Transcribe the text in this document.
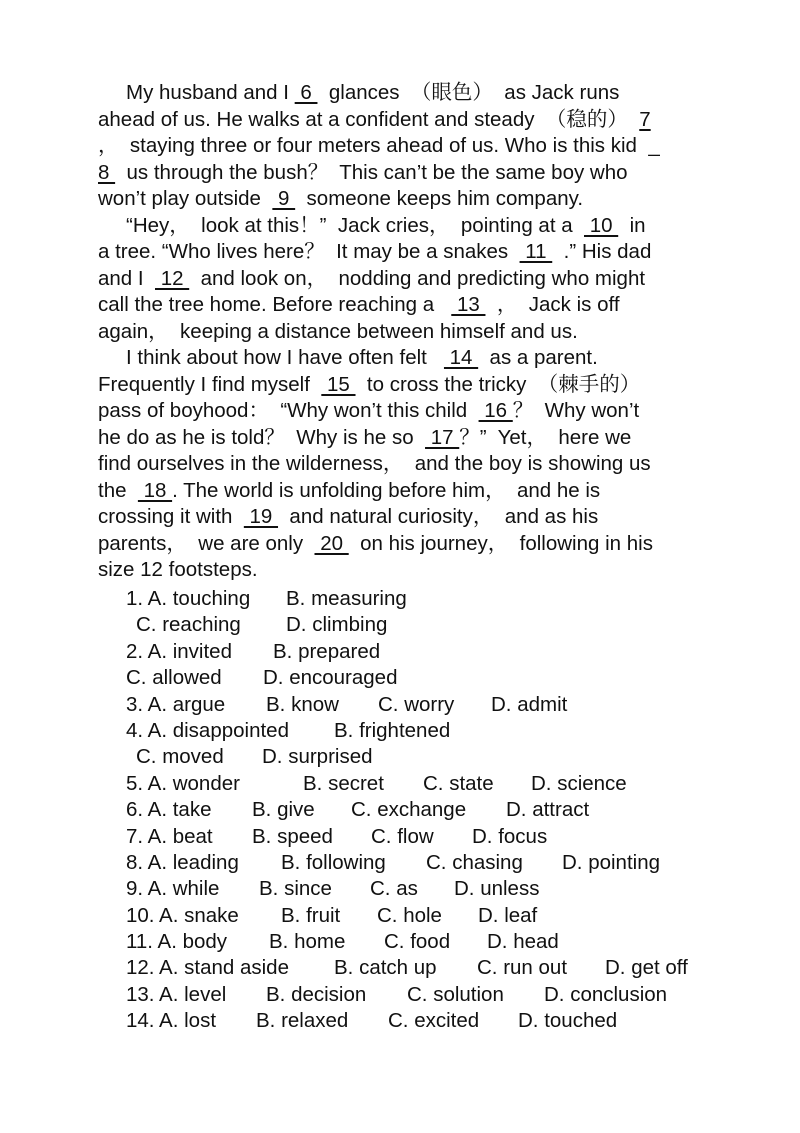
My husband and I  6   glances  （眼色）  as Jack runs
ahead of us. He walks at a confident and steady  （稳的）  7
，  staying three or four meters ahead of us. Who is this kid  _
8   us through the bush？  This can’t be the same boy who
won’t play outside   9   someone keeps him company.
“Hey，  look at this！”  Jack cries，  pointing at a   10   in
a tree. “Who lives here？  It may be a snakes   11   .” His dad
and I   12   and look on，  nodding and predicting who might
call the tree home. Before reaching a    13   ，  Jack is off
again，  keeping a distance between himself and us.
I think about how I have often felt    14   as a parent.
Frequently I find myself   15   to cross the tricky  （棘手的）
pass of boyhood：  “Why won’t this child   16 ？  Why won’t
he do as he is told？  Why is he so   17 ？”  Yet，  here we
find ourselves in the wilderness，  and the boy is showing us
the   18 . The world is unfolding before him，  and he is
crossing it with   19   and natural curiosity，  and as his
parents，  we are only   20   on his journey，  following in his
size 12 footsteps.
1. A. touching B. measuring
C. reaching D. climbing
2. A. invited B. prepared
C. allowed D. encouraged
3. A. argue B. know C. worry D. admit
4. A. disappointed B. frightened
C. moved D. surprised
5. A. wonder	B. secret C. state D. science
6. A. take B. give C. exchange D. attract
7. A. beat B. speed C. flow D. focus
8. A. leading B. following C. chasing D. pointing
9. A. while B. since C. as D. unless
10. A. snake B. fruit C. hole D. leaf
11. A. body B. home C. food D. head
12. A. stand aside B. catch up C. run out D. get off
13. A. level B. decision C. solution D. conclusion
14. A. lost B. relaxed C. excited D. touched
